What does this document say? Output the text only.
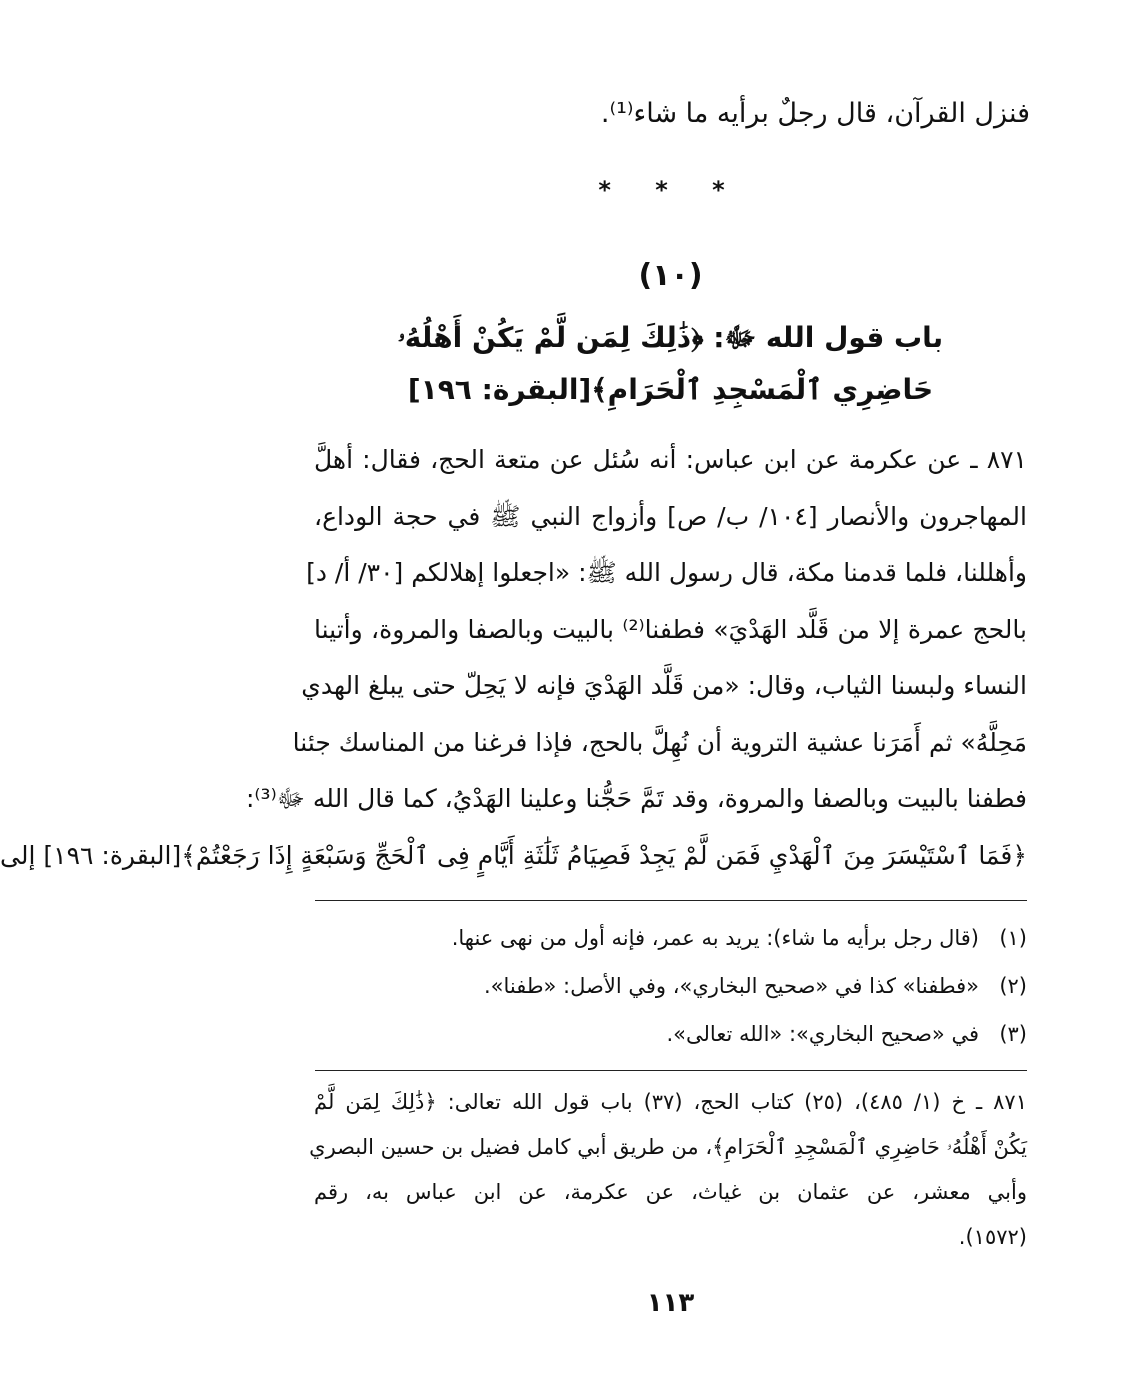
فنزل القرآن، قال رجلٌ برأيه ما شاء⁽¹⁾.
* * *
(١٠)
باب قول الله ﷻ: ﴿ذَٰلِكَ لِمَن لَّمْ يَكُنْ أَهْلُهُۥ
حَاضِرِي ٱلْمَسْجِدِ ٱلْحَرَامِ﴾[البقرة: ١٩٦]
٨٧١ ـ عن عكرمة عن ابن عباس: أنه سُئل عن متعة الحج، فقال: أهلَّ
المهاجرون والأنصار [١٠٤/ ب/ ص] وأزواج النبي ﷺ في حجة الوداع،
وأهللنا، فلما قدمنا مكة، قال رسول الله ﷺ: «اجعلوا إهلالكم [٣٠/ أ/ د]
بالحج عمرة إلا من قَلَّد الهَدْيَ» فطفنا⁽²⁾ بالبيت وبالصفا والمروة، وأتينا
النساء ولبسنا الثياب، وقال: «من قَلَّد الهَدْيَ فإنه لا يَحِلّ حتى يبلغ الهدي
مَحِلَّهُ» ثم أَمَرَنا عشية التروية أن نُهِلَّ بالحج، فإذا فرغنا من المناسك جئنا
فطفنا بالبيت وبالصفا والمروة، وقد تَمَّ حَجُّنا وعلينا الهَدْيُ، كما قال الله ﷻ⁽³⁾:
﴿فَمَا ٱسْتَيْسَرَ مِنَ ٱلْهَدْيِ فَمَن لَّمْ يَجِدْ فَصِيَامُ ثَلَٰثَةِ أَيَّامٍ فِى ٱلْحَجِّ وَسَبْعَةٍ إِذَا رَجَعْتُمْ﴾[البقرة: ١٩٦] إلى
(١)
(قال رجل برأيه ما شاء): يريد به عمر، فإنه أول من نهى عنها.
(٢)
«فطفنا» كذا في «صحيح البخاري»، وفي الأصل: «طفنا».
(٣)
في «صحيح البخاري»: «الله تعالى».
٨٧١ ـ خ (١/ ٤٨٥)، (٢٥) كتاب الحج، (٣٧) باب قول الله تعالى: ﴿ذَٰلِكَ لِمَن لَّمْ
يَكُنْ أَهْلُهُۥ حَاضِرِي ٱلْمَسْجِدِ ٱلْحَرَامِ﴾، من طريق أبي كامل فضيل بن حسين البصري
وأبي معشر، عن عثمان بن غياث، عن عكرمة، عن ابن عباس به، رقم
(١٥٧٢).
١١٣
